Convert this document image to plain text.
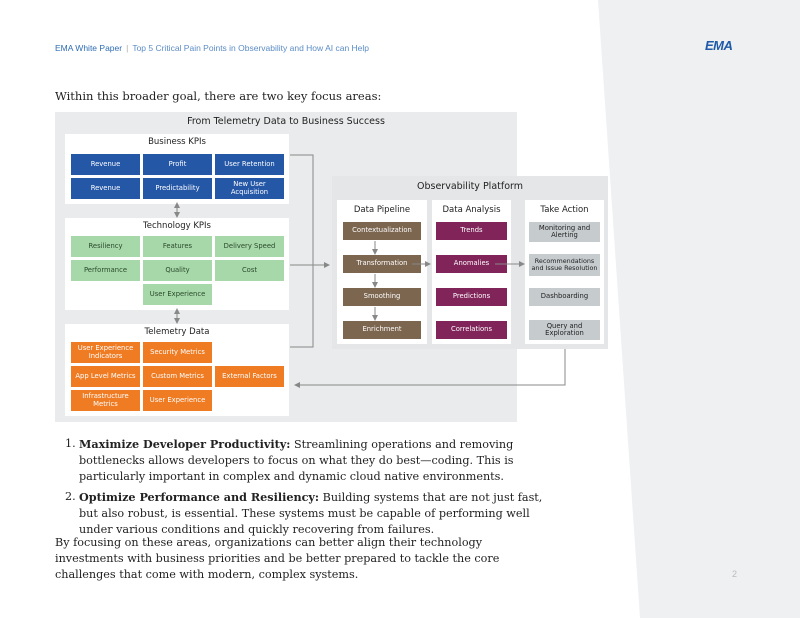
EMA White Paper | Top 5 Critical Pain Points in Observability and How AI can Help	EMA
Within this broader goal, there are two key focus areas:
From Telemetry Data to Business Success
Business KPIs
Revenue	Profit	User Retention
Revenue	Predictability	New User Acquisition
Technology KPIs
Resiliency	Features	Delivery Speed
Performance	Quality	Cost
User Experience
Telemetry Data
User Experience Indicators	Security Metrics
App Level Metrics	Custom Metrics	External Factors
Infrastructure Metrics	User Experience
Observability Platform
Data Pipeline
Contextualization
Transformation
Smoothing
Enrichment
Data Analysis
Trends
Anomalies
Predictions
Correlations
Take Action
Monitoring and Alerting
Recommendations and Issue Resolution
Dashboarding
Query and Exploration
1. Maximize Developer Productivity: Streamlining operations and removing bottlenecks allows developers to focus on what they do best—coding. This is particularly important in complex and dynamic cloud native environments.
2. Optimize Performance and Resiliency: Building systems that are not just fast, but also robust, is essential. These systems must be capable of performing well under various conditions and quickly recovering from failures.
By focusing on these areas, organizations can better align their technology investments with business priorities and be better prepared to tackle the core challenges that come with modern, complex systems.	2
